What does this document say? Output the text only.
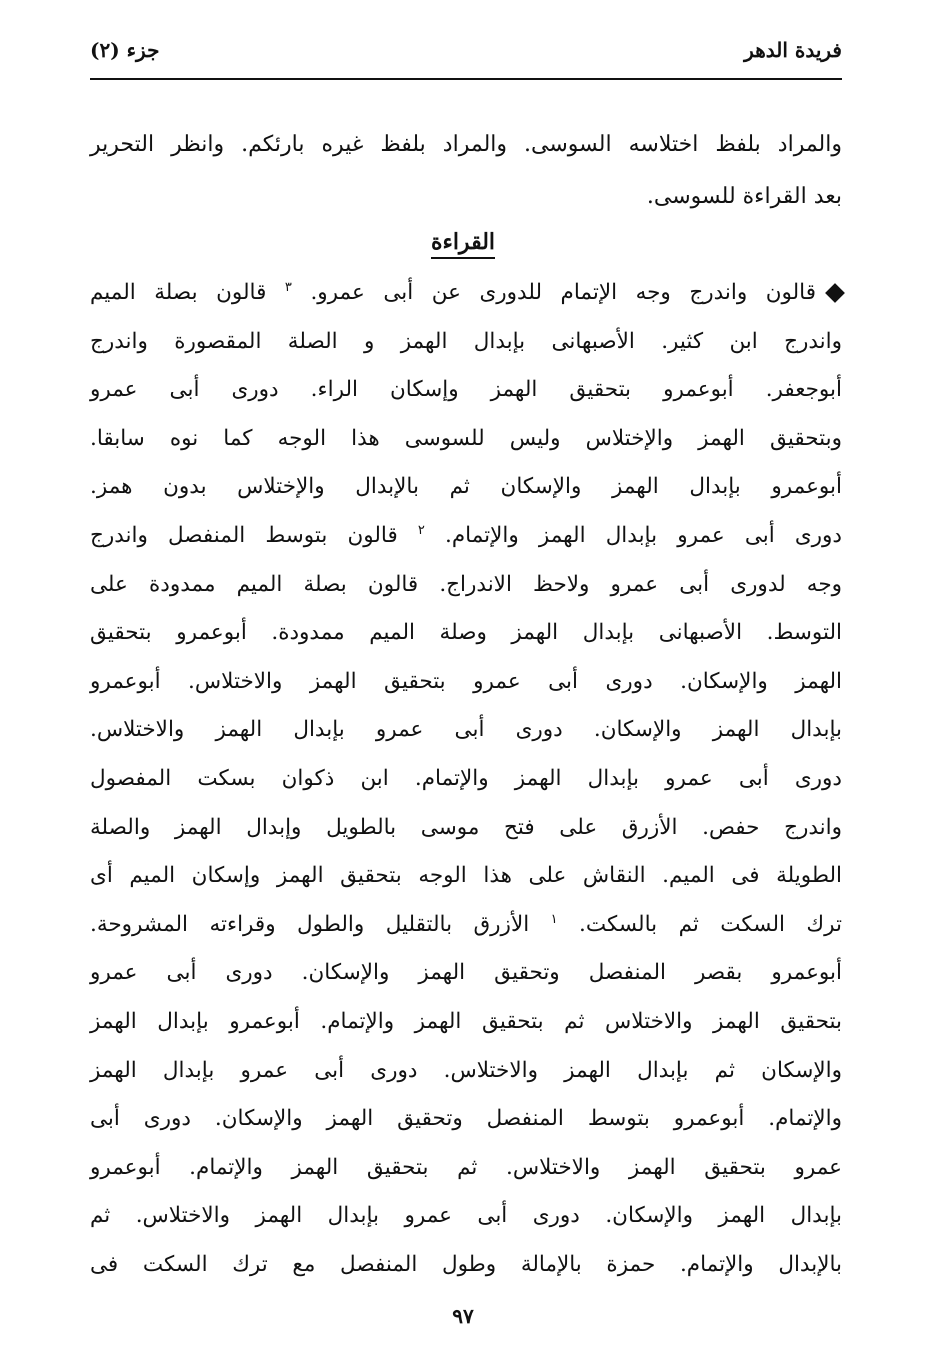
فريدة الدهر
جزء (٢)
والمراد بلفظ اختلاسه السوسى. والمراد بلفظ غيره بارئكم. وانظر التحرير
بعد القراءة للسوسى.
القراءة
قالون واندرج وجه الإتمام للدورى عن أبى عمرو. $^٣$ قالون بصلة الميم
واندرج ابن كثير. الأصبهانى بإبدال الهمز و الصلة المقصورة واندرج
أبوجعفر. أبوعمرو بتحقيق الهمز وإسكان الراء. دورى أبى عمرو
وبتحقيق الهمز والإختلاس وليس للسوسى هذا الوجه كما نوه سابقا.
أبوعمرو بإبدال الهمز والإسكان ثم بالإبدال والإختلاس بدون همز.
دورى أبى عمرو بإبدال الهمز والإتمام. $^٢$ قالون بتوسط المنفصل واندرج
وجه لدورى أبى عمرو ولاحظ الاندراج. قالون بصلة الميم ممدودة على
التوسط. الأصبهانى بإبدال الهمز وصلة الميم ممدودة. أبوعمرو بتحقيق
الهمز والإسكان. دورى أبى عمرو بتحقيق الهمز والاختلاس. أبوعمرو
بإبدال الهمز والإسكان. دورى أبى عمرو بإبدال الهمز والاختلاس.
دورى أبى عمرو بإبدال الهمز والإتمام. ابن ذكوان بسكت المفصول
واندرج حفص. الأزرق على فتح موسى بالطويل وإبدال الهمز والصلة
الطويلة فى الميم. النقاش على هذا الوجه بتحقيق الهمز وإسكان الميم أى
ترك السكت ثم بالسكت. $^١$ الأزرق بالتقليل والطول وقراءته المشروحة.
أبوعمرو بقصر المنفصل وتحقيق الهمز والإسكان. دورى أبى عمرو
بتحقيق الهمز والاختلاس ثم بتحقيق الهمز والإتمام. أبوعمرو بإبدال الهمز
والإسكان ثم بإبدال الهمز والاختلاس. دورى أبى عمرو بإبدال الهمز
والإتمام. أبوعمرو بتوسط المنفصل وتحقيق الهمز والإسكان. دورى أبى
عمرو بتحقيق الهمز والاختلاس. ثم بتحقيق الهمز والإتمام. أبوعمرو
بإبدال الهمز والإسكان. دورى أبى عمرو بإبدال الهمز والاختلاس. ثم
بالإبدال والإتمام. حمزة بالإمالة وطول المنفصل مع ترك السكت فى
٩٧
